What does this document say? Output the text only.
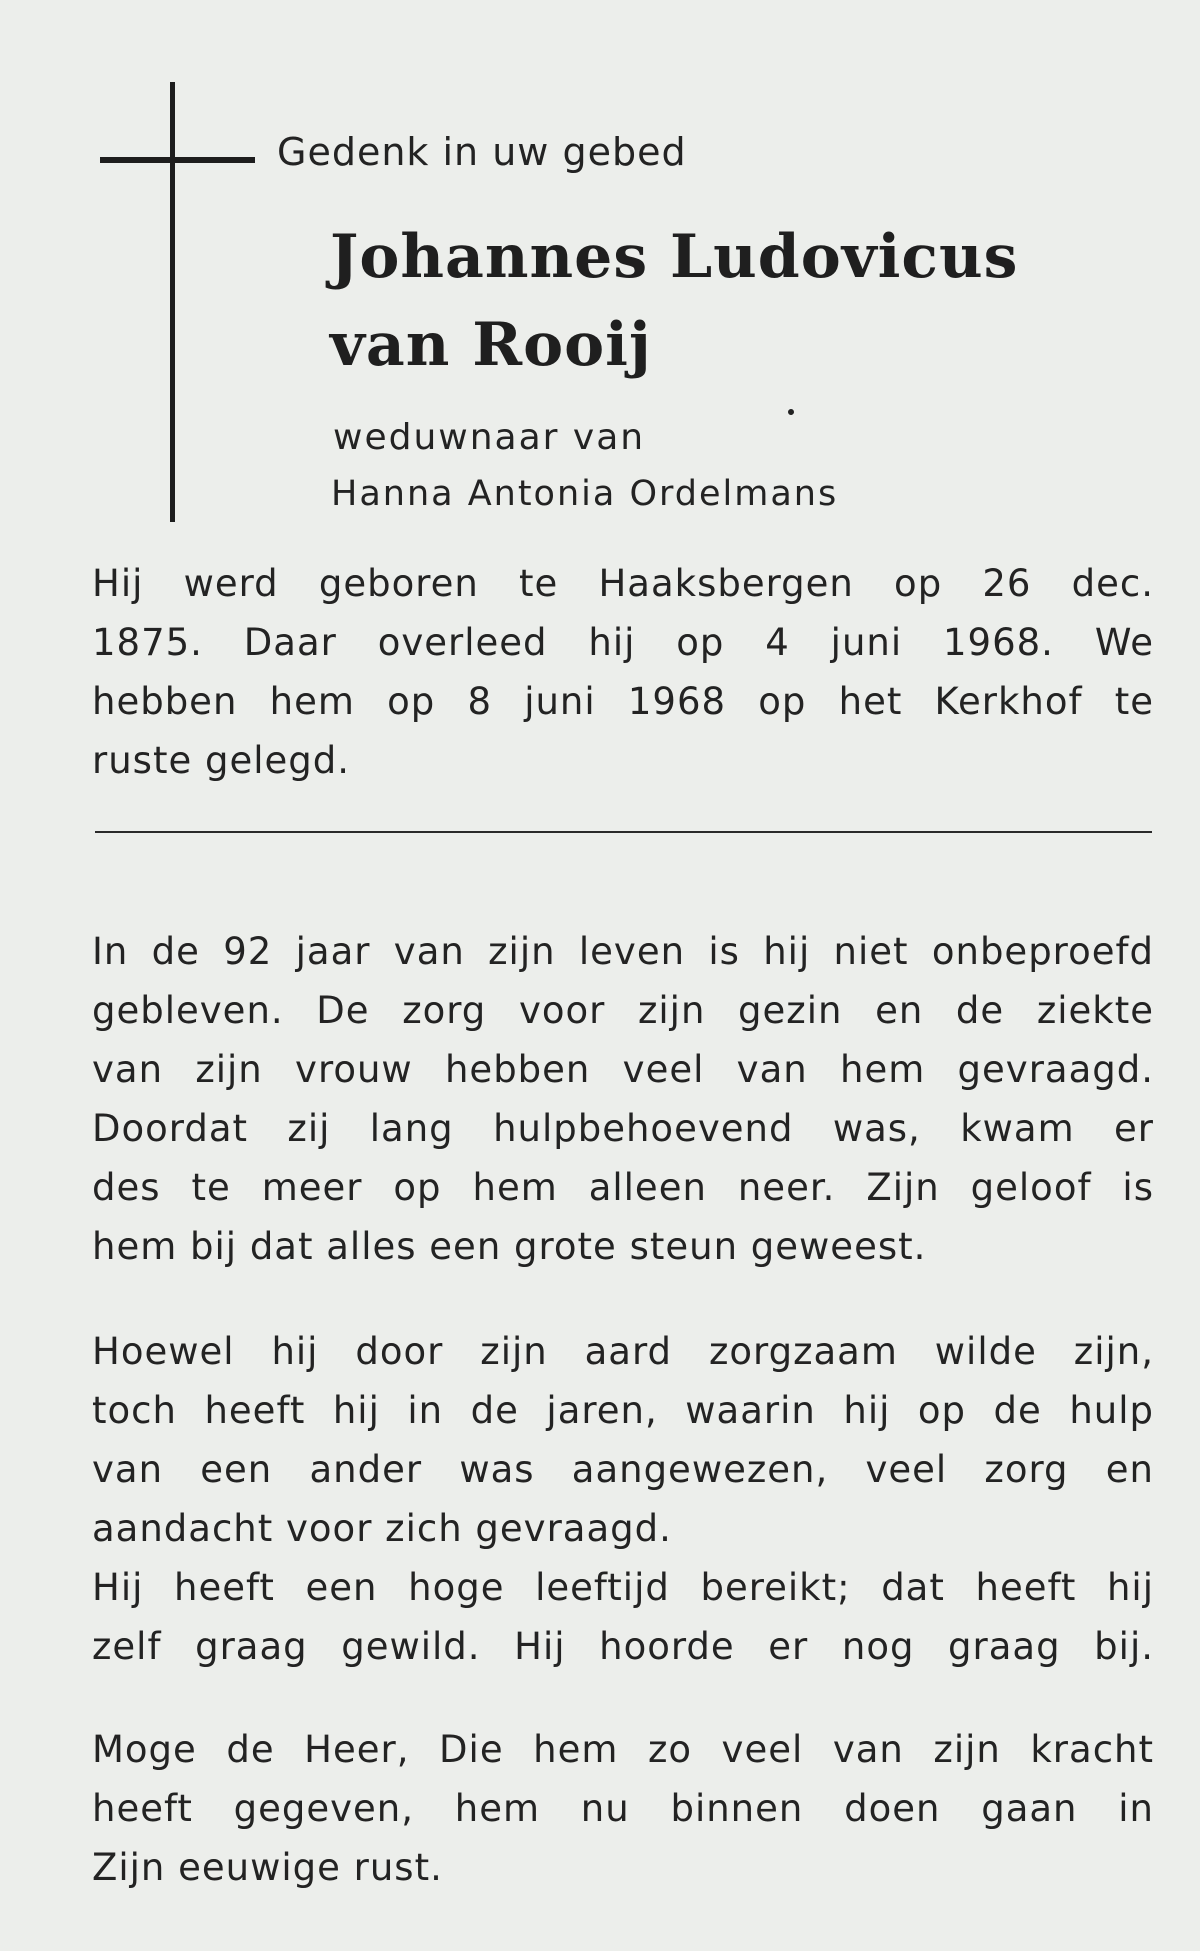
Gedenk in uw gebed
Johannes Ludovicus
van Rooij
weduwnaar van
Hanna Antonia Ordelmans
Hij werd geboren te Haaksbergen op 26 dec.
1875. Daar overleed hij op 4 juni 1968. We
hebben hem op 8 juni 1968 op het Kerkhof te
ruste gelegd.
In de 92 jaar van zijn leven is hij niet onbeproefd
gebleven. De zorg voor zijn gezin en de ziekte
van zijn vrouw hebben veel van hem gevraagd.
Doordat zij lang hulpbehoevend was, kwam er
des te meer op hem alleen neer. Zijn geloof is
hem bij dat alles een grote steun geweest.
Hoewel hij door zijn aard zorgzaam wilde zijn,
toch heeft hij in de jaren, waarin hij op de hulp
van een ander was aangewezen, veel zorg en
aandacht voor zich gevraagd.
Hij heeft een hoge leeftijd bereikt; dat heeft hij
zelf graag gewild. Hij hoorde er nog graag bij.
Moge de Heer, Die hem zo veel van zijn kracht
heeft gegeven, hem nu binnen doen gaan in
Zijn eeuwige rust.
